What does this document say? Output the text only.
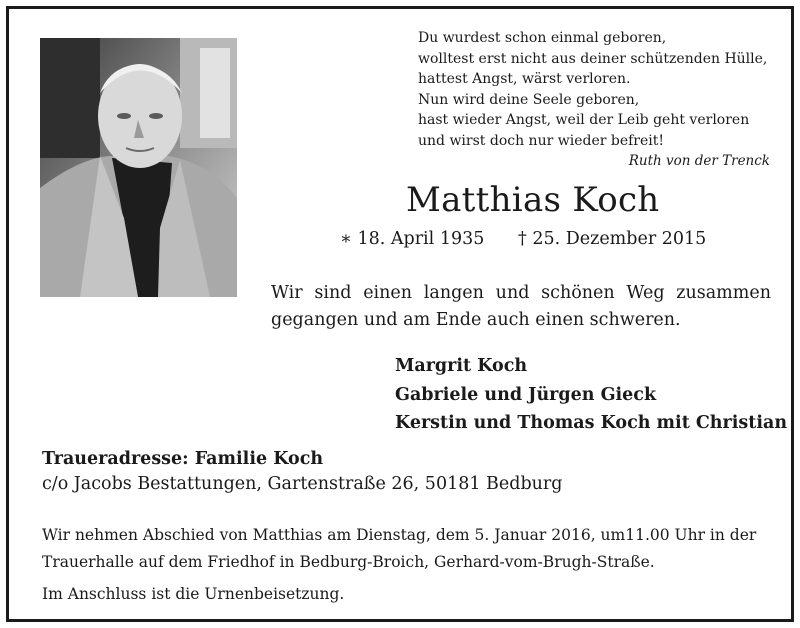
Du wurdest schon einmal geboren,
wolltest erst nicht aus deiner schützenden Hülle,
hattest Angst, wärst verloren.
Nun wird deine Seele geboren,
hast wieder Angst, weil der Leib geht verloren
und wirst doch nur wieder befreit!
Ruth von der Trenck
Matthias Koch
∗ 18. April 1935 † 25. Dezember 2015
Wir sind einen langen und schönen Weg zusammen gegangen und am Ende auch einen schweren.
Margrit Koch
Gabriele und Jürgen Gieck
Kerstin und Thomas Koch mit Christian
Traueradresse: Familie Koch
c/o Jacobs Bestattungen, Gartenstraße 26, 50181 Bedburg
Wir nehmen Abschied von Matthias am Dienstag, dem 5. Januar 2016, um11.00 Uhr in der
Trauerhalle auf dem Friedhof in Bedburg-Broich, Gerhard-vom-Brugh-Straße.
Im Anschluss ist die Urnenbeisetzung.
